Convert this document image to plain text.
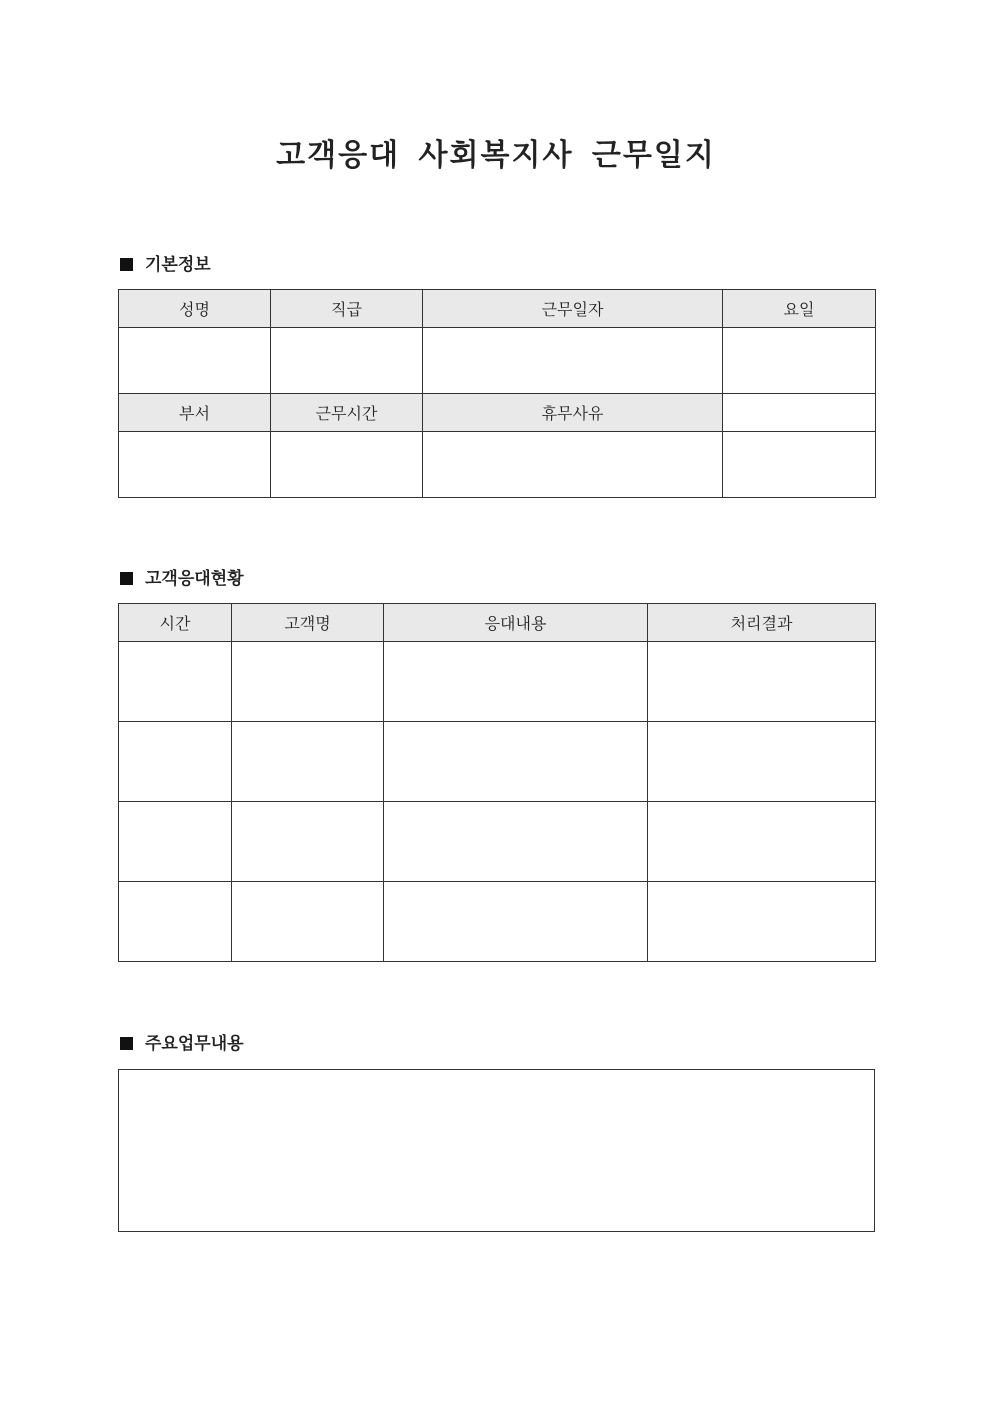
고객응대 사회복지사 근무일지
기본정보
성명	직급	근무일자	요일

부서	근무시간	휴무사유	

고객응대현황
시간	고객명	응대내용	처리결과

주요업무내용
